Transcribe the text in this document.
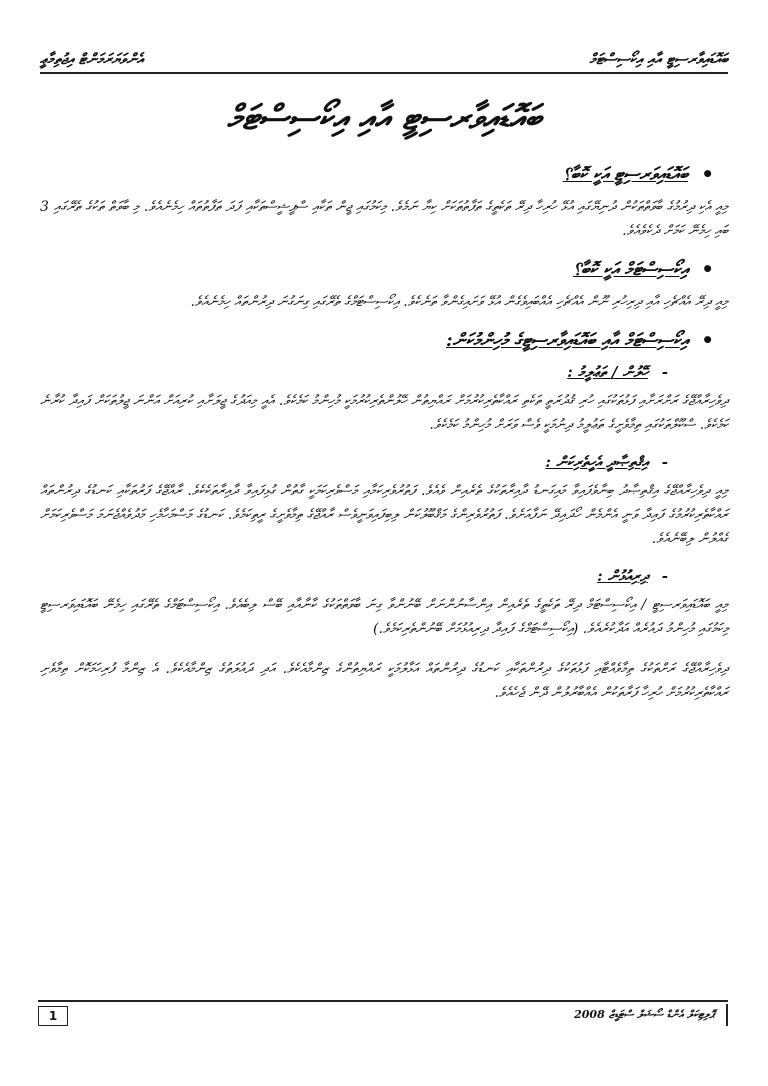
އެންވަޔަރަމަންޓް އިޖުތިމާޢީ	ބައޮޑައިވާރސިޓީ އާއި އިކޯސިސްޓަމް
ބައޮޑައިވާރސިޓީ އާއި އިކޯސިސްޓަމް
• ބައޮޑައިވަރސިޓީ އަކީ ކޮބާ؟

މިއީ އެކި ދިރުމުގެ ބާވަތްތަކުން ދުނިޔޭގައި އުޅޭ ހުރިހާ ދިރޭ ތަކެތީގެ ތަފާތުތަކަށް ކިޔާ ނަމެވެ. މިކަމުގައި ޖީން ތަކާއި ސްޕީޝީސްތަކާއި ފަދަ ތަފާތުތައް ހިމެނެއެވެ. މި ބާވަތް ތަކުގެ ތެރޭގައި 3 ބައި ހިމެނޭ ކަމަށް ދެކެވެއެވެ.

• އިކޯސިސްޓަމް އަކީ ކޮބާ؟

މިއީ ދިރޭ އެއްޗެހި އާއި ދިރިހުރި ނޫން އެއްޗެހި އެއްބައިވެގެން އުޅޭ ވަށައިގެންވާ ތަނެކެވެ. އިކޯސިސްޓަމްގެ ތެރޭގައި ގިނަގުނަ ދިރުންތައް ހިމެނެއެވެ.

• އިކޯސިސްޓަމް އާއި ބައޮޑައިވާރސިޓީގެ މުހިންމުކަން:
- ހޭލުން / ތަޢުލީމު :

ދިވެހިރާއްޖޭގެ ރަށްރަށާއި ފަޅުތަކުގައި ހުރި ޤުދުރަތީ ތަކެތި ރައްކާތެރިކުރުމަށް ރައްޔިތުން ހޭލުންތެރިކުރުމަކީ މުހިންމު ކަމެކެވެ. އެއީ މިއަދުގެ ޖީލަށާއި ކުރިއަށް އަންނަ ޖީލުތަކަށް ފައިދާ ކުރާނެ ކަމެކެވެ. ސްކޫލްތަކުގައި ތިމާވެށީގެ ތަޢުލީމު ދިނުމަކީ ވެސް ވަރަށް މުހިންމު ކަމެކެވެ.

- އިޤްތިޞާދީ އެހީތެރިކަން :

މިއީ ދިވެހިރާއްޖޭގެ އިޤްތިޞާދު ބިނާވެފައިވާ މައިގަނޑު ދާއިރާތަކުގެ ތެރެއިން ވެއެވެ. ފަތުރުވެރިކަމާއި މަސްވެރިކަމަކީ ގާތުން ގުޅިފައިވާ ދާއިރާތަކެކެވެ. ރާއްޖޭގެ ފަރުތަކާއި ކަނޑުގެ ދިރުންތައް ރައްކާތެރިކުރުމުގެ ފައިދާ ވަނީ އެންމެން ހޯދައިދޭ ނަފާއަށެވެ. ފަތުރުވެރިންގެ މަޤްބޫލުކަން ލިބިފައިވަނީވެސް ރާއްޖޭގެ ތިމާވެށީގެ ރީތިކަމެވެ. ކަނޑުގެ މަސްމަހާމެހި މަދުވެއްޖެނަމަ މަސްވެރިކަމަށް ގެއްލުން ލިބޭނެއެވެ.

- ދިރިއުޅުން :

މިއީ ބައޮޑައިވަރސިޓީ / އިކޯސިސްޓަމް ދިރޭ ތަކެތީގެ ތެރެއިން އިންސާނުންނަށް ބޭނުންވާ ގިނަ ބާވަތްތަކުގެ ކާނާއާއި ބޭސް ލިބެއެވެ. އިކޯސިސްޓަމްގެ ތެރޭގައި ހިމެނޭ ބައޮޑައިވަރސިޓީ މިކަމުގައި މުހިންމު ދައުރެއް އަދާކުރެއެވެ. (އިކޯސިސްޓަމްގެ ފައިދާ ދިރިއުޅުމަށް ބޭނުންތެރިކަމެވެ.)

ދިވެހިރާއްޖޭގެ ރަށްތަކުގެ ތިމާވެއްޓާއި ފަޅުތަކުގެ ދިރުންތަކާއި ކަނޑުގެ ދިރުންތައް އަޅާލުމަކީ ރައްޔިތުންގެ ޒިންމާއެކެވެ. އަދި ދައުލަތުގެ ޒިންމާއެކެވެ. އެ ޒިންމާ ފުރިހަމަކޮށް ތިމާވެށި ރައްކާތެރިކުރުމަށް ހުރިހާ ފަރާތަކުން އެއްބާރުލުން ދޭން ޖެހެއެވެ.

1	ޕޮލިޓިކަލް އެންޑް ސޯޝަލް ސްޓަޑީޒް 2008
